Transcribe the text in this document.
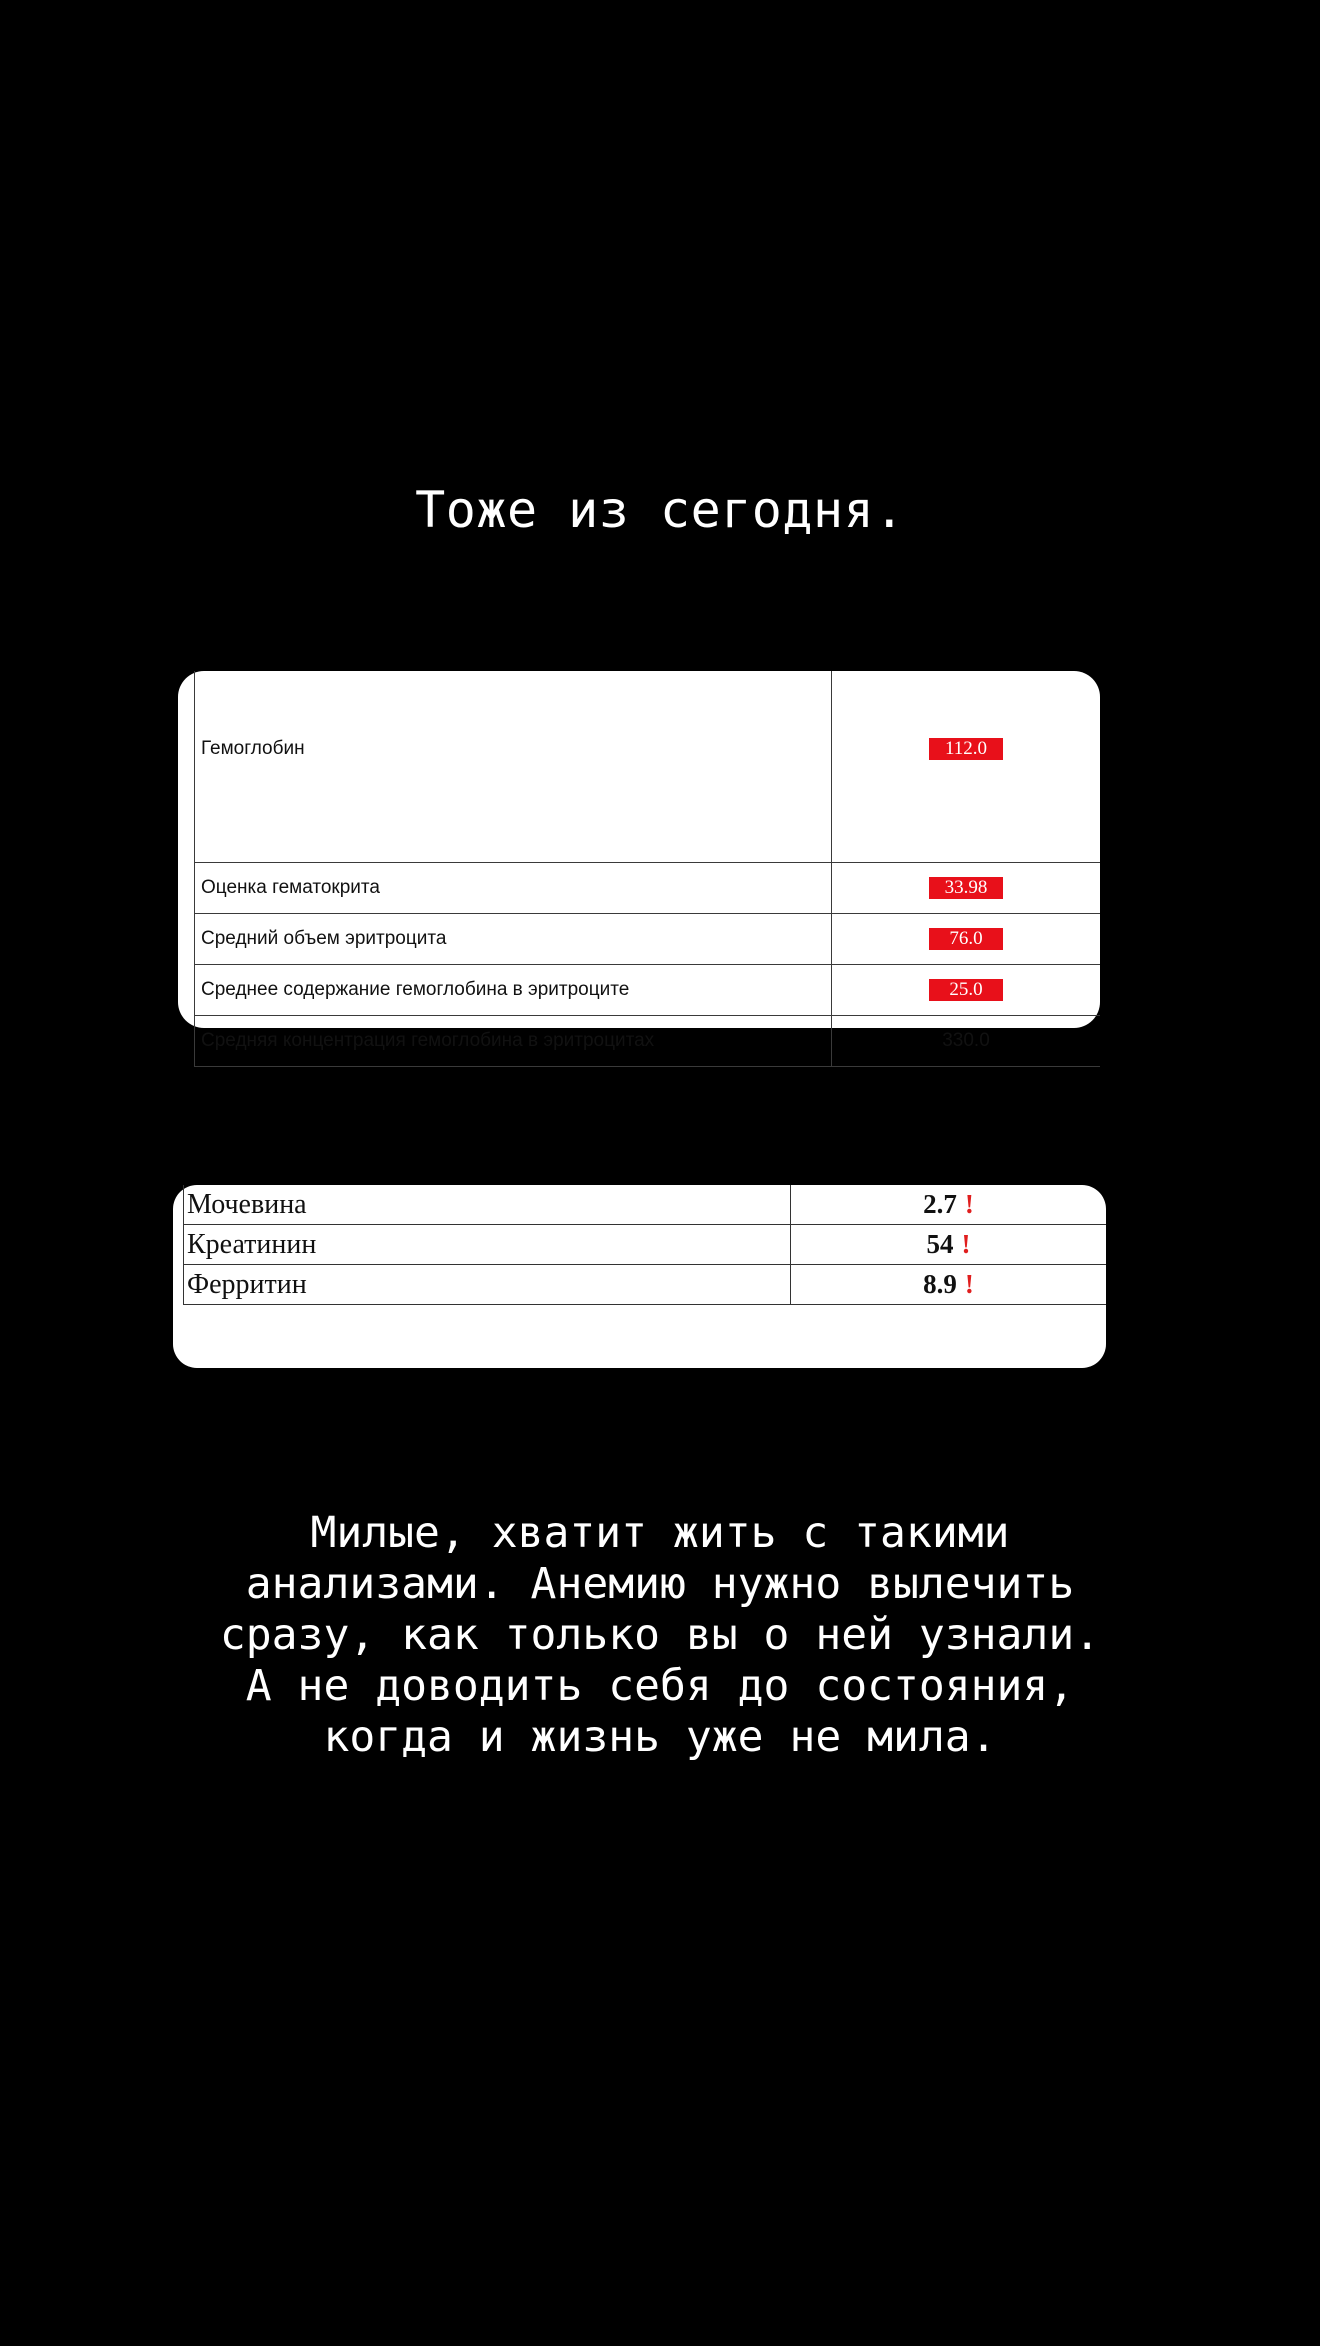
Тоже из сегодня.
Гемоглобин	112.0
Оценка гематокрита	33.98
Средний объем эритроцита	76.0
Среднее содержание гемоглобина в эритроците	25.0
Средняя концентрация гемоглобина в эритроцитах	330.0
Мочевина	2.7 !
Креатинин	54 !
Ферритин	8.9 !
Милые, хватит жить с такими
анализами. Анемию нужно вылечить
сразу, как только вы о ней узнали.
А не доводить себя до состояния,
когда и жизнь уже не мила.
